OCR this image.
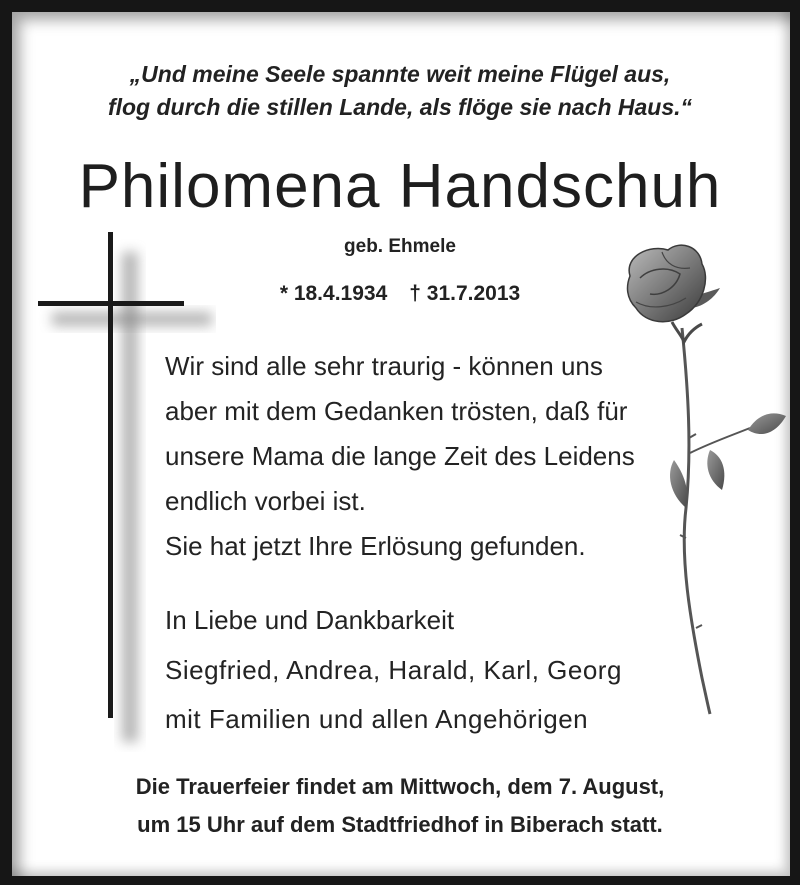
„Und meine Seele spannte weit meine Flügel aus,
flog durch die stillen Lande, als flöge sie nach Haus.“
Philomena Handschuh
geb. Ehmele
* 18.4.1934 † 31.7.2013
Wir sind alle sehr traurig - können uns
aber mit dem Gedanken trösten, daß für
unsere Mama die lange Zeit des Leidens
endlich vorbei ist.
Sie hat jetzt Ihre Erlösung gefunden.
In Liebe und Dankbarkeit
Siegfried, Andrea, Harald, Karl, Georg
mit Familien und allen Angehörigen
Die Trauerfeier findet am Mittwoch, dem 7. August,
um 15 Uhr auf dem Stadtfriedhof in Biberach statt.
